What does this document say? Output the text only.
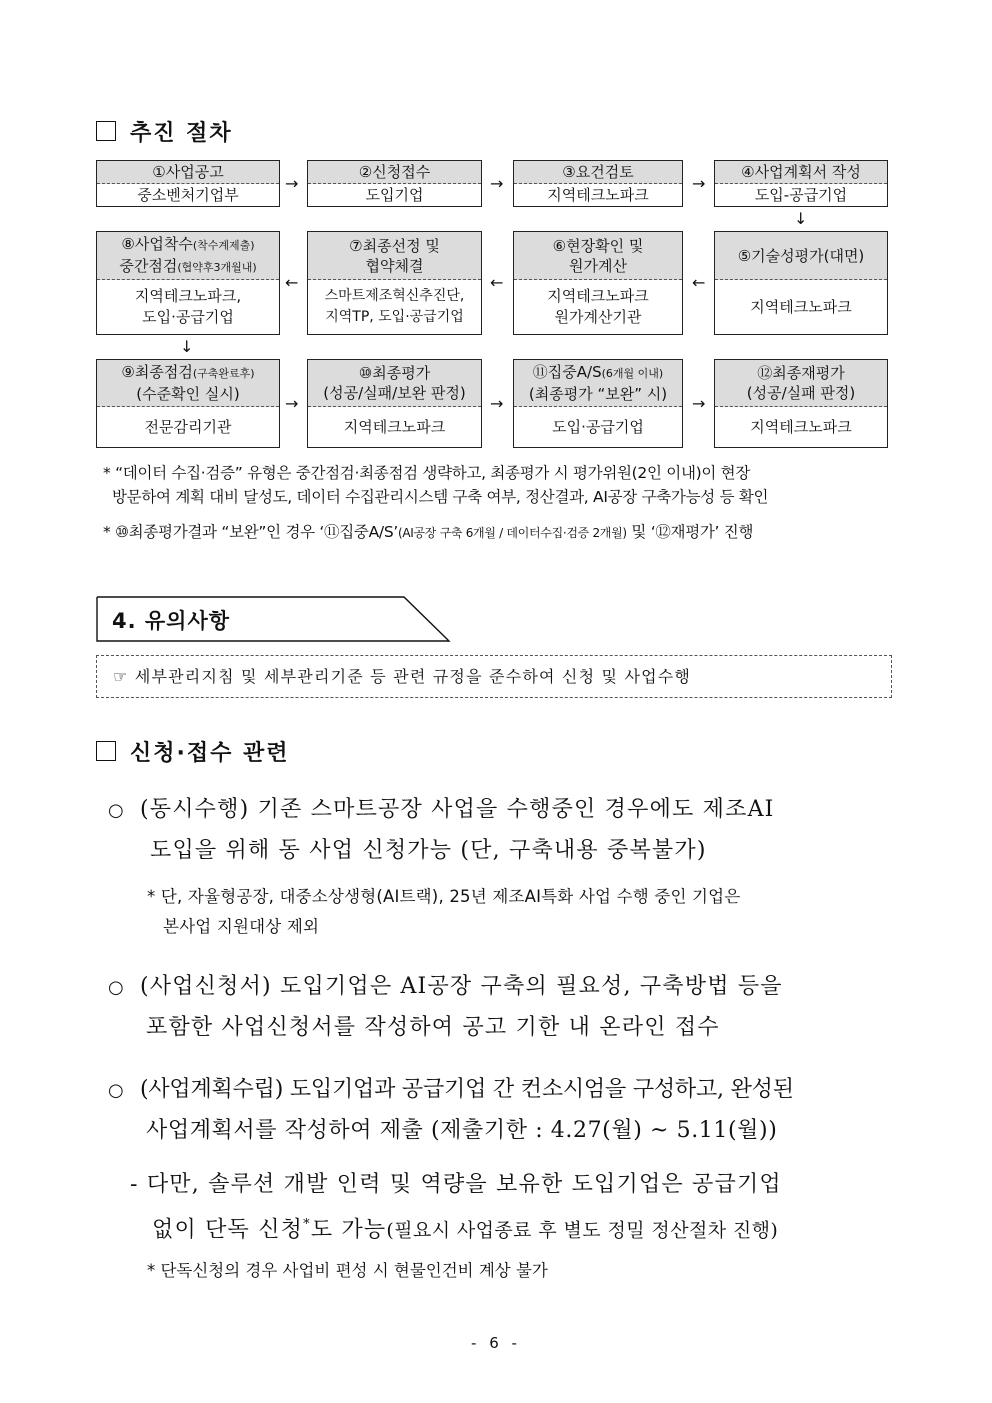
추진 절차
①사업공고
중소벤처기업부
→
②신청접수
도입기업
→
③요건검토
지역테크노파크
→
④사업계획서 작성
도입-공급기업
↓
⑧사업착수(착수계제출)
중간점검(협약후3개월내)
지역테크노파크,
도입·공급기업
←
⑦최종선정 및
협약체결
스마트제조혁신추진단,
지역TP, 도입·공급기업
←
⑥현장확인 및
원가계산
지역테크노파크
원가계산기관
←
⑤기술성평가(대면)
지역테크노파크
↓
⑨최종점검(구축완료후)
(수준확인 실시)
전문감리기관
→
⑩최종평가
(성공/실패/보완 판정)
지역테크노파크
→
⑪집중A/S(6개월 이내)
(최종평가 “보완” 시)
도입·공급기업
→
⑫최종재평가
(성공/실패 판정)
지역테크노파크
* “데이터 수집·검증” 유형은 중간점검·최종점검 생략하고, 최종평가 시 평가위원(2인 이내)이 현장
방문하여 계획 대비 달성도, 데이터 수집관리시스템 구축 여부, 정산결과, AI공장 구축가능성 등 확인
* ⑩최종평가결과 “보완”인 경우 ‘⑪집중A/S’(AI공장 구축 6개월 / 데이터수집·검증 2개월) 및 ‘⑫재평가’ 진행
4. 유의사항
☞ 세부관리지침 및 세부관리기준 등 관련 규정을 준수하여 신청 및 사업수행
신청·접수 관련
○ (동시수행) 기존 스마트공장 사업을 수행중인 경우에도 제조AI
도입을 위해 동 사업 신청가능 (단, 구축내용 중복불가)
* 단, 자율형공장, 대중소상생형(AI트랙), 25년 제조AI특화 사업 수행 중인 기업은
본사업 지원대상 제외
○ (사업신청서) 도입기업은 AI공장 구축의 필요성, 구축방법 등을
포함한 사업신청서를 작성하여 공고 기한 내 온라인 접수
○ (사업계획수립) 도입기업과 공급기업 간 컨소시엄을 구성하고, 완성된
사업계획서를 작성하여 제출 (제출기한 : 4.27(월) ~ 5.11(월))
- 다만, 솔루션 개발 인력 및 역량을 보유한 도입기업은 공급기업
없이 단독 신청*도 가능(필요시 사업종료 후 별도 정밀 정산절차 진행)
* 단독신청의 경우 사업비 편성 시 현물인건비 계상 불가
- 6 -
